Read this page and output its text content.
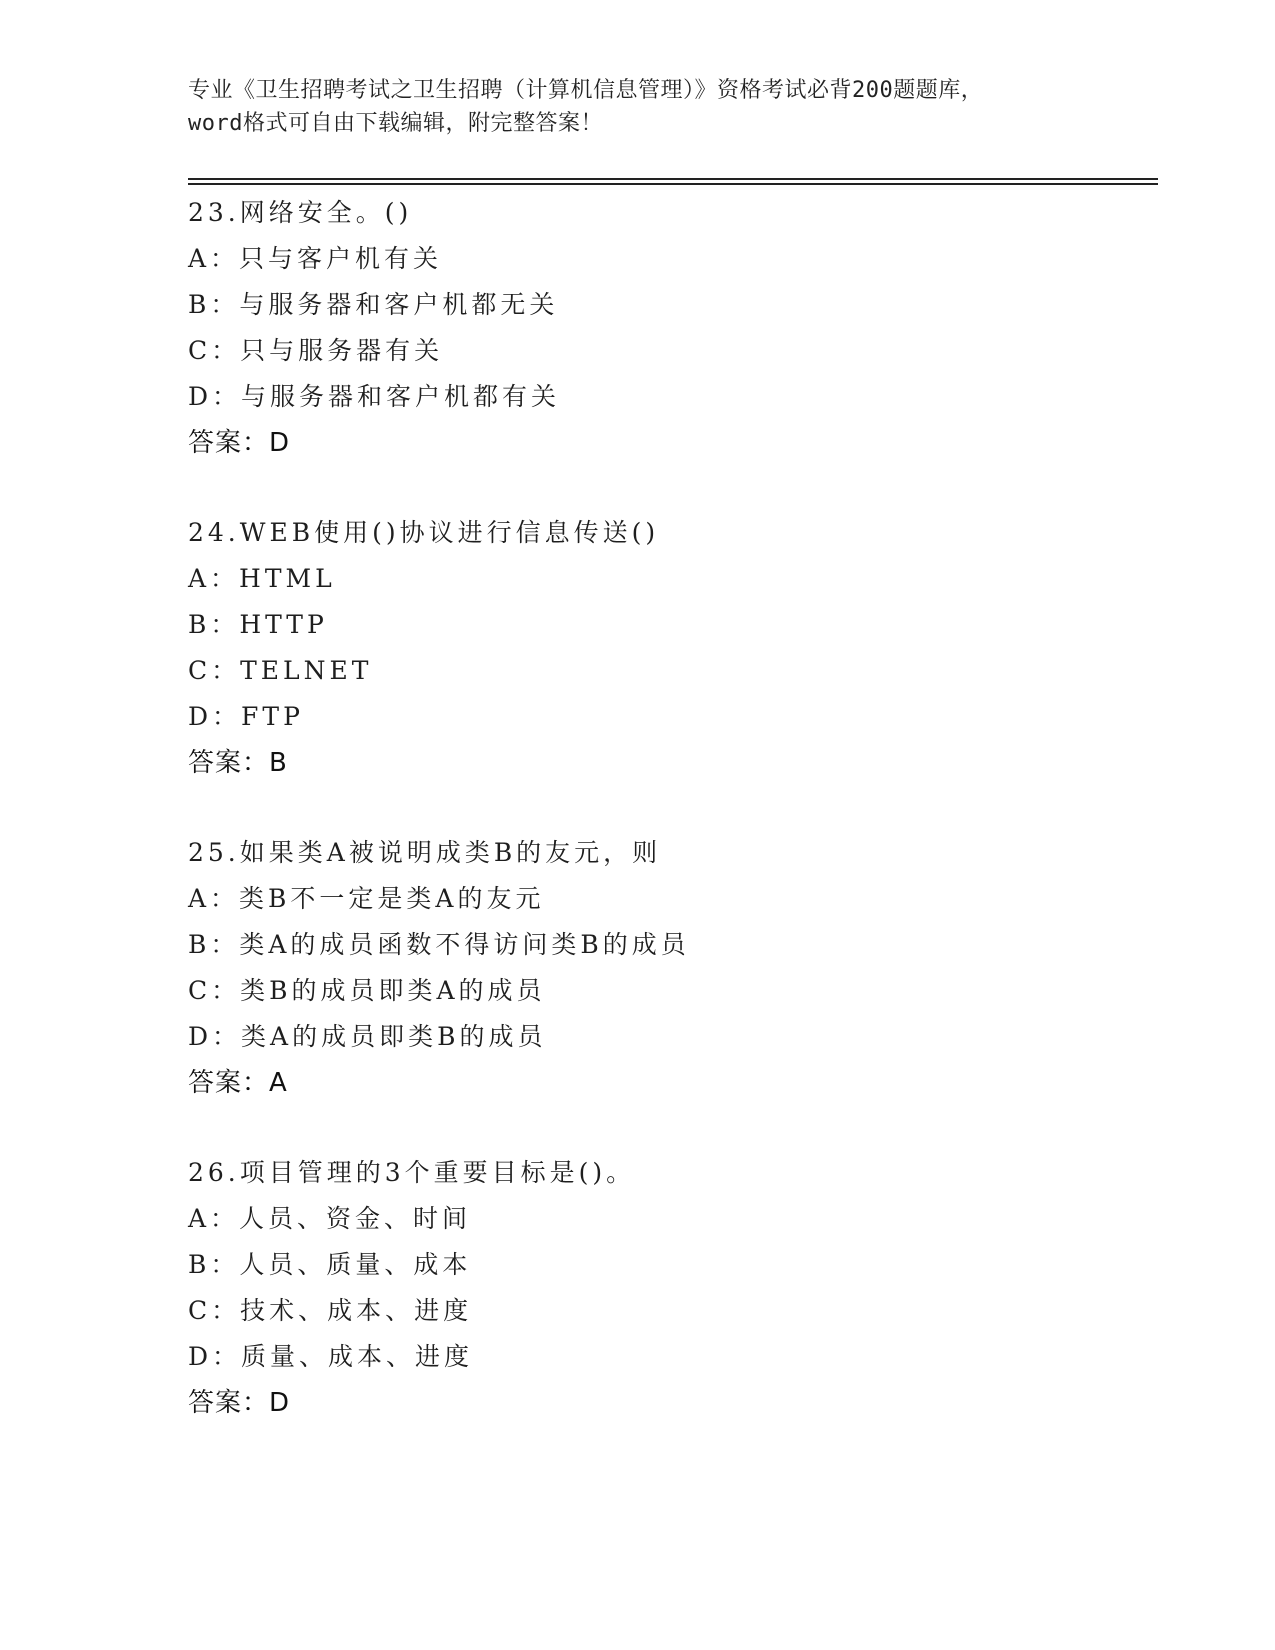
专业《卫生招聘考试之卫生招聘（计算机信息管理）》资格考试必背200题题库，
word格式可自由下载编辑，附完整答案！
23.网络安全。()
A：只与客户机有关
B：与服务器和客户机都无关
C：只与服务器有关
D：与服务器和客户机都有关
答案：D
24.WEB使用()协议进行信息传送()
A：HTML
B：HTTP
C：TELNET
D：FTP
答案：B
25.如果类A被说明成类B的友元，则
A：类B不一定是类A的友元
B：类A的成员函数不得访问类B的成员
C：类B的成员即类A的成员
D：类A的成员即类B的成员
答案：A
26.项目管理的3个重要目标是()。
A：人员、资金、时间
B：人员、质量、成本
C：技术、成本、进度
D：质量、成本、进度
答案：D
